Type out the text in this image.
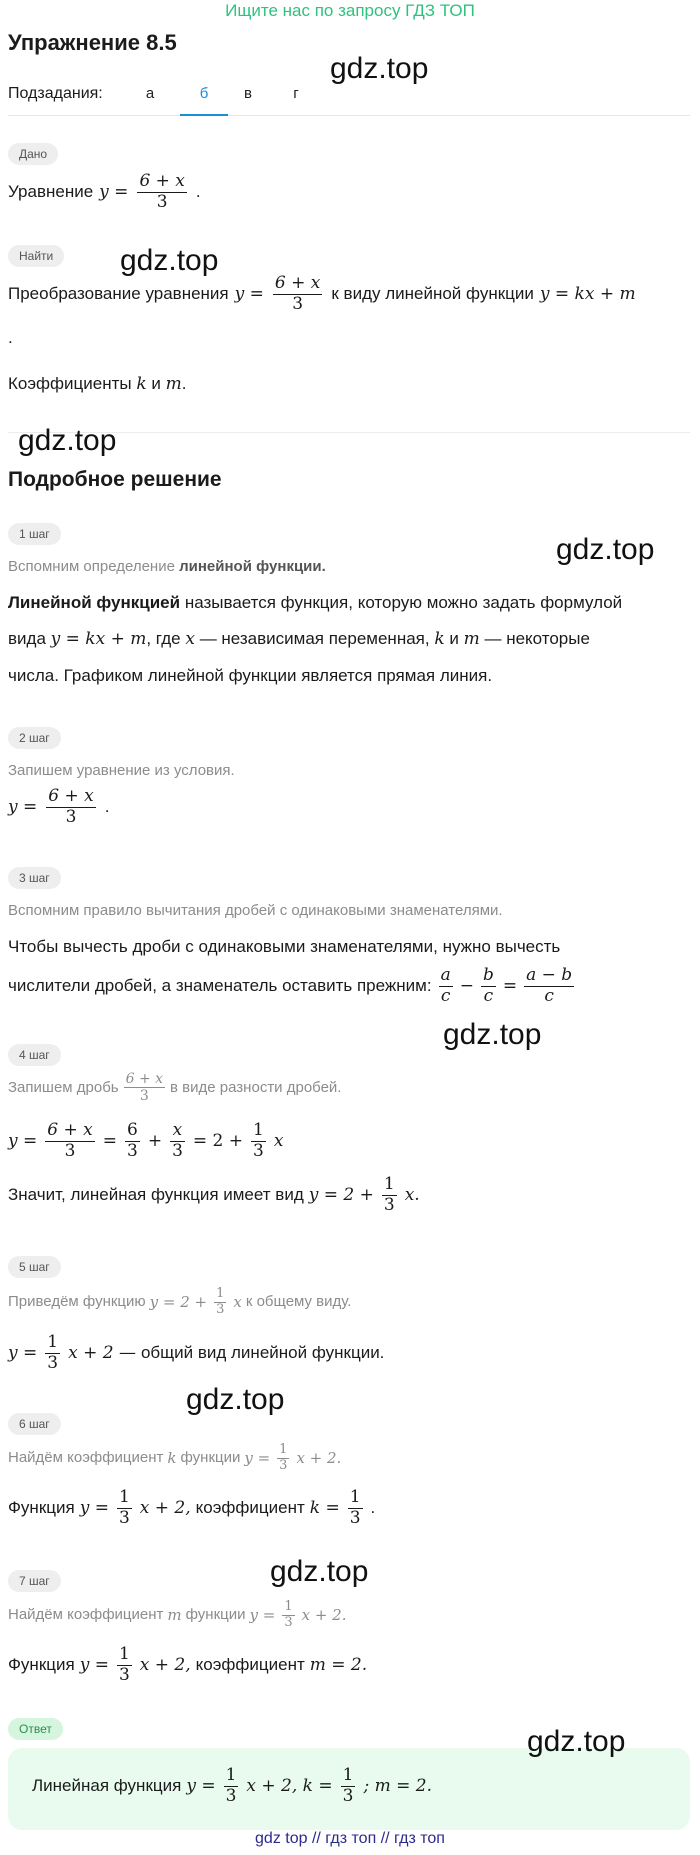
Ищите нас по запросу ГДЗ ТОП
Упражнение 8.5
Подзадания:	а	б	в	г
Дано
Уравнение $y = \frac{6 + x}{3}$ .
Найти
Преобразование уравнения $y = \frac{6 + x}{3}$ к виду линейной функции y = kx + m
.
Коэффициенты k и m.
Подробное решение
1 шаг
Вспомним определение линейной функции.
Линейной функцией называется функция, которую можно задать формулой
вида y = kx + m, где x — независимая переменная, k и m — некоторые
числа. Графиком линейной функции является прямая линия.
2 шаг
Запишем уравнение из условия.
$y = \frac{6 + x}{3}$ .
3 шаг
Вспомним правило вычитания дробей с одинаковыми знаменателями.
Чтобы вычесть дроби с одинаковыми знаменателями, нужно вычесть
числители дробей, а знаменатель оставить прежним: $\frac{a}{c} - \frac{b}{c} = \frac{a - b}{c}$
4 шаг
Запишем дробь $\frac{6 + x}{3}$ в виде разности дробей.
$y = \frac{6 + x}{3} = \frac{6}{3} + \frac{x}{3} = 2 + \frac{1}{3}$ x
Значит, линейная функция имеет вид $y = 2 + \frac{1}{3} x$.
5 шаг
Приведём функцию $y = 2 + \frac{1}{3}$ x к общему виду.
$y = \frac{1}{3}$ x + 2 — общий вид линейной функции.
6 шаг
Найдём коэффициент k функции $y = \frac{1}{3}$ x + 2.
Функция $y = \frac{1}{3}$ x + 2, коэффициент $k = \frac{1}{3}$ .
7 шаг
Найдём коэффициент m функции $y = \frac{1}{3}$ x + 2.
Функция $y = \frac{1}{3}$ x + 2, коэффициент m = 2.
Ответ
Линейная функция $y = \frac{1}{3}$ x + 2, $k = \frac{1}{3}$ ; m = 2.
gdz.top
gdz.top
gdz.top
gdz.top
gdz.top
gdz.top
gdz.top
gdz.top
gdz top // гдз топ // гдз топ
